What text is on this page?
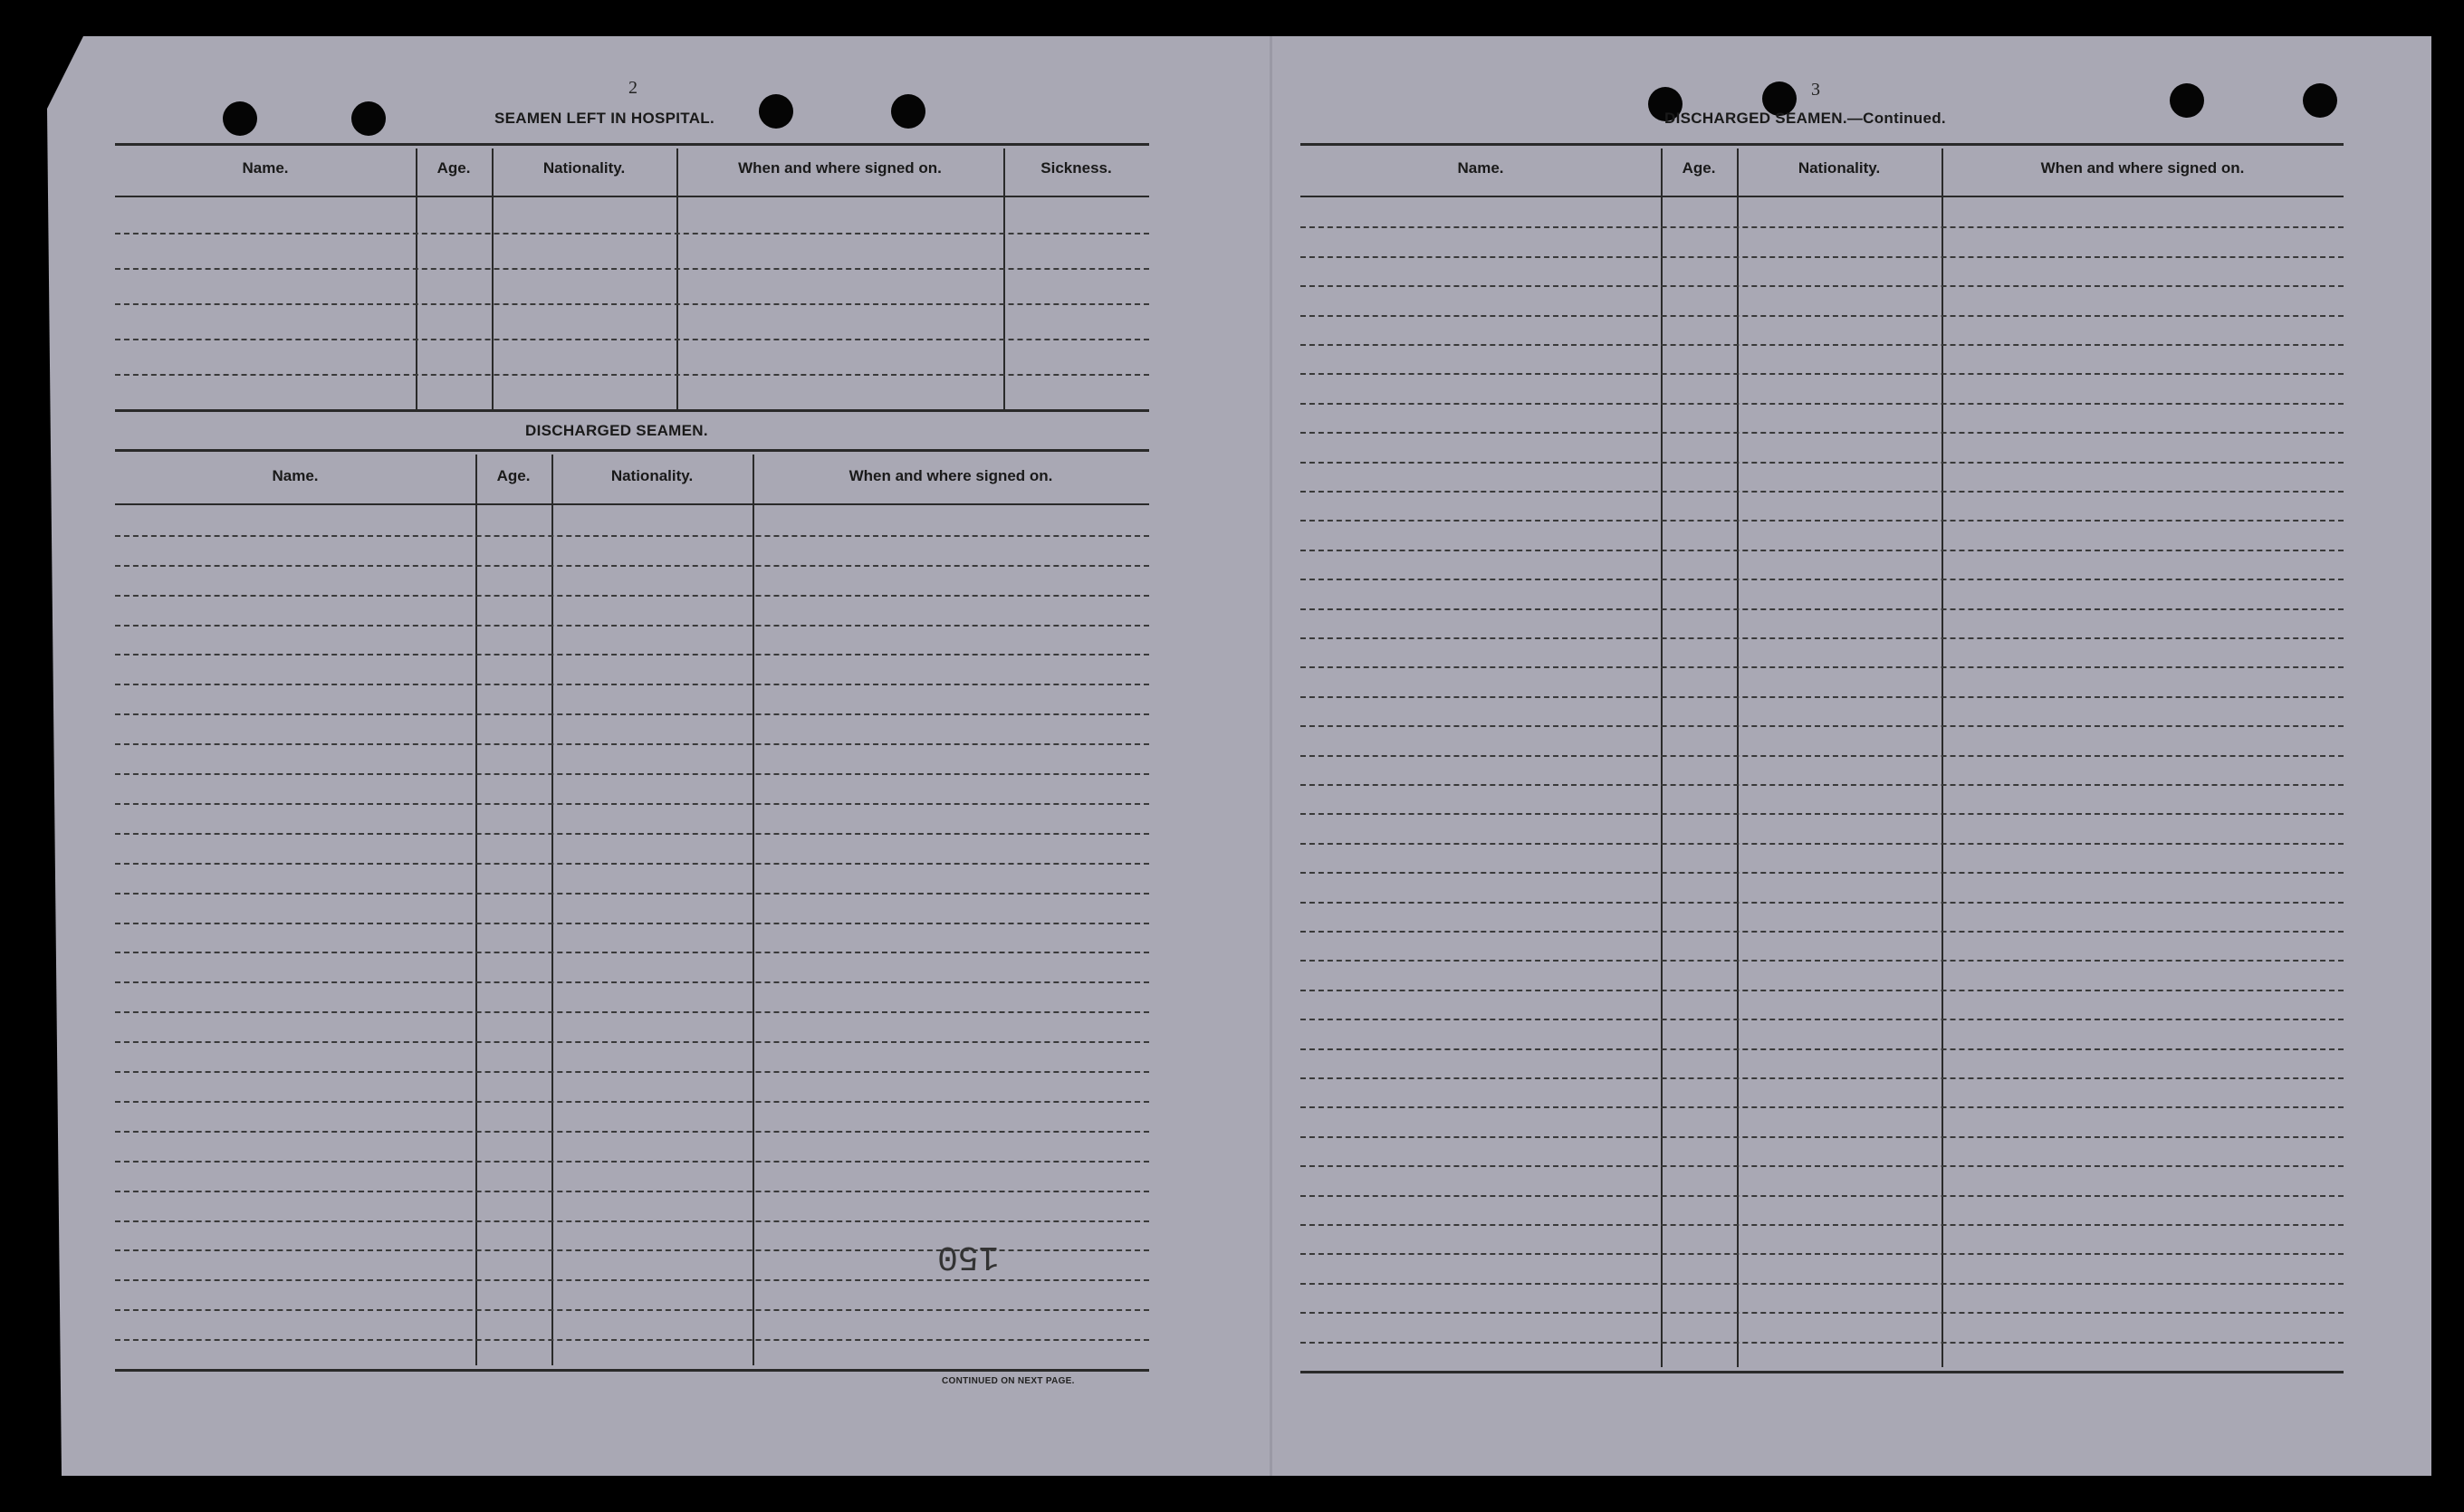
2	3
SEAMEN LEFT IN HOSPITAL.
Name.	Age.	Nationality.	When and where signed on.	Sickness.
DISCHARGED SEAMEN.
Name.	Age.	Nationality.	When and where signed on.
CONTINUED ON NEXT PAGE.
150
DISCHARGED SEAMEN.—Continued.
Name.	Age.	Nationality.	When and where signed on.
